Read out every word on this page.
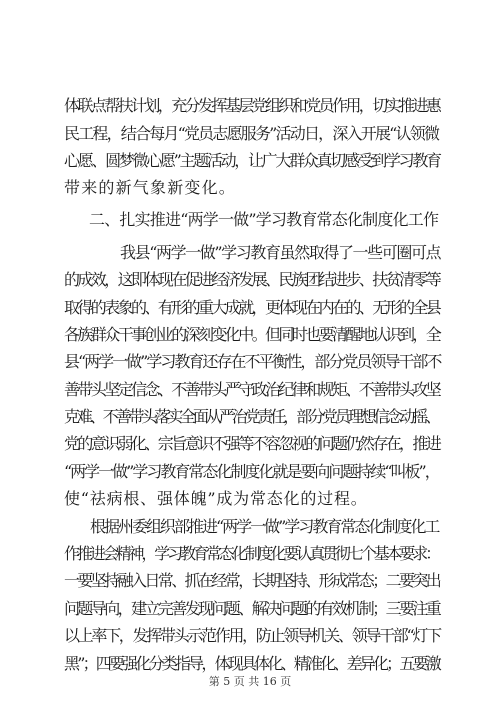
体联点帮扶计划，充分发挥基层党组织和党员作用，切实推进惠

民工程，结合每月“党员志愿服务”活动日，深入开展“认领微

心愿、圆梦微心愿”主题活动，让广大群众真切感受到学习教育

带来的新气象新变化。

二、扎实推进“两学一做”学习教育常态化制度化工作

我县“两学一做”学习教育虽然取得了一些可圈可点

的成效，这即体现在促进经济发展、民族团结进步、扶贫清零等

取得的表象的、有形的重大成就，更体现在内在的、无形的全县

各族群众干事创业的深刻变化中。但同时也要清醒地认识到，全

县“两学一做”学习教育还存在不平衡性，部分党员领导干部不

善带头坚定信念、不善带头严守政治纪律和规矩、不善带头攻坚

克难、不善带头落实全面从严治党责任，部分党员理想信念动摇、

党的意识弱化、宗旨意识不强等不容忽视的问题仍然存在，推进

“两学一做”学习教育常态化制度化就是要向问题持续“叫板”，

使“祛病根、强体魄”成为常态化的过程。

根据州委组织部推进“两学一做”学习教育常态化制度化工

作推进会精神，学习教育常态化制度化要认真贯彻七个基本要求：

一要坚持融入日常、抓在经常，长期坚持、形成常态；二要突出

问题导向，建立完善发现问题、解决问题的有效机制；三要注重

以上率下，发挥带头示范作用，防止领导机关、领导干部“灯下

黑”；四要强化分类指导，体现具体化、精准化、差异化；五要激

第 5 页 共 16 页
